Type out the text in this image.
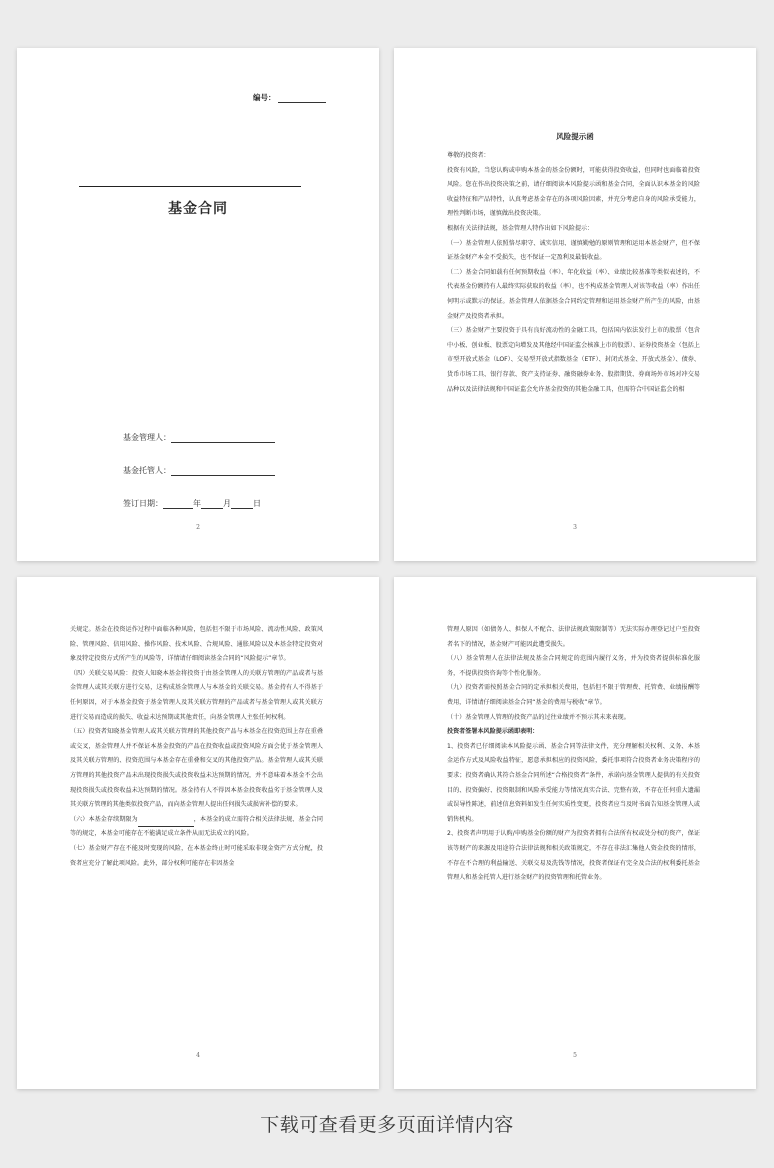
编号：
基金合同
基金管理人：
基金托管人：
签订日期：	年	月	日
2
风险提示函

尊敬的投资者：

投资有风险，当您认购或申购本基金的基金份额时，可能获得投资收益，但同时也面临着投资风险。您在作出投资决策之前，请仔细阅读本风险提示函和基金合同，全面认识本基金的风险收益特征和产品特性，认真考虑基金存在的各项风险因素，并充分考虑自身的风险承受能力，理性判断市场，谨慎做出投资决策。

根据有关法律法规，基金管理人特作出如下风险提示：

（一）基金管理人依照恪尽职守、诚实信用、谨慎勤勉的原则管理和运用本基金财产，但不保证基金财产本金不受损失，也不保证一定盈利及最低收益。

（二）基金合同如载有任何预期收益（率）、年化收益（率）、业绩比较基准等类似表述的，不代表基金份额持有人最终实际获取的收益（率），也不构成基金管理人对该等收益（率）作出任何明示或默示的保证。基金管理人依据基金合同约定管理和运用基金财产所产生的风险，由基金财产及投资者承担。

（三）基金财产主要投资于具有良好流动性的金融工具，包括国内依法发行上市的股票（包含中小板、创业板、股票定向增发及其他经中国证监会核准上市的股票）、证券投资基金（包括上市型开放式基金（LOF）、交易型开放式指数基金（ETF）、封闭式基金、开放式基金）、债券、货币市场工具、银行存款、资产支持证券、融资融券业务、股指期货、券商场外市场对冲交易品种以及法律法规和中国证监会允许基金投资的其他金融工具，但需符合中国证监会的相

3

关规定。基金在投资运作过程中面临各种风险，包括但不限于市场风险、流动性风险、政策风险、管理风险、信用风险、操作风险、技术风险、合规风险、通胀风险以及本基金特定投资对象及特定投资方式所产生的风险等，详情请仔细阅读基金合同的“风险提示”章节。

（四）关联交易风险：投资人知晓本基金将投资于由基金管理人的关联方管理的产品或者与基金管理人或其关联方进行交易，这构成基金管理人与本基金的关联交易。基金持有人不得基于任何原因，对于本基金投资于基金管理人及其关联方管理的产品或者与基金管理人或其关联方进行交易而造成的损失、收益未达预期或其他责任，向基金管理人主张任何权利。

（五）投资者知晓基金管理人或其关联方管理的其他投资产品与本基金在投资范围上存在重叠或交叉，基金管理人并不保证本基金投资的产品在投资收益或投资风险方面会优于基金管理人及其关联方管理的、投资范围与本基金存在重叠和交叉的其他投资产品。基金管理人或其关联方管理的其他投资产品未出现投资损失或投资收益未达预期的情况，并不意味着本基金不会出现投资损失或投资收益未达预期的情况。基金持有人不得因本基金投资收益劣于基金管理人及其关联方管理的其他类似投资产品，而向基金管理人提出任何损失或损害补偿的要求。

（六）本基金存续期限为	，本基金的成立需符合相关法律法规、基金合同等的规定，本基金可能存在不能满足成立条件从而无法成立的风险。

（七）基金财产存在不能及时变现的风险，在本基金终止时可能采取非现金资产方式分配，投资者应充分了解此项风险。此外，部分权利可能存在非因基金

4

管理人原因（如债务人、担保人不配合、法律法规政策限制等）无法实际办理登记过户至投资者名下的情况，基金财产可能因此遭受损失。

（八）基金管理人在法律法规及基金合同规定的范围内履行义务，并为投资者提供标准化服务，不提供投资咨询等个性化服务。

（九）投资者需按照基金合同的定承担相关费用，包括但不限于管理费、托管费、业绩报酬等费用，详情请仔细阅读基金合同“基金的费用与税收”章节。

（十）基金管理人管理的投资产品的过往业绩并不预示其未来表现。

投资者签署本风险提示函即表明：

1、投资者已仔细阅读本风险提示函、基金合同等法律文件，充分理解相关权利、义务、本基金运作方式及风险收益特征，愿意承担相应的投资风险，委托事项符合投资者业务决策程序的要求；投资者确认其符合基金合同所述“合格投资者”条件，承诺向基金管理人提供的有关投资目的、投资偏好、投资限制和风险承受能力等情况真实合法、完整有效，不存在任何重大遗漏或误导性陈述，前述信息资料如发生任何实质性变更，投资者应当及时书面告知基金管理人或销售机构。

2、投资者声明用于认购/申购基金份额的财产为投资者拥有合法所有权或处分权的资产，保证该等财产的来源及用途符合法律法规和相关政策规定，不存在非法汇集他人资金投资的情形，不存在不合理的利益输送、关联交易及洗钱等情况，投资者保证有完全及合法的权利委托基金管理人和基金托管人进行基金财产的投资管理和托管业务。

5
下载可查看更多页面详情内容
